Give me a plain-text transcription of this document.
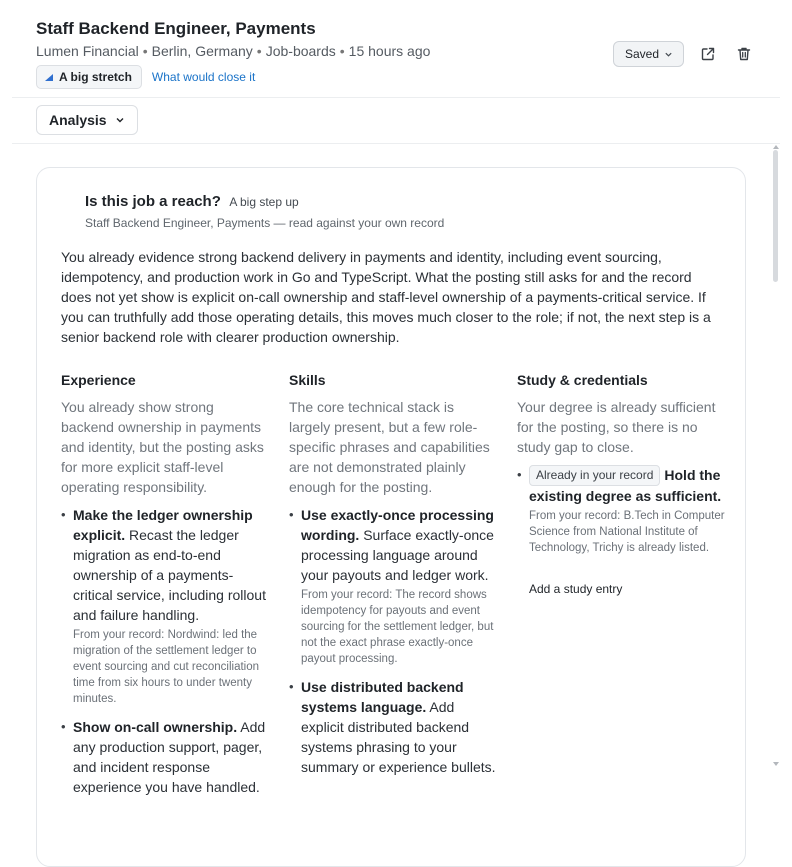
Staff Backend Engineer, Payments
Lumen Financial • Berlin, Germany • Job-boards • 15 hours ago
A big stretch What would close it
Saved
Analysis
Is this job a reach? A big step up
Staff Backend Engineer, Payments — read against your own record

You already evidence strong backend delivery in payments and identity, including event sourcing, idempotency, and production work in Go and TypeScript. What the posting still asks for and the record does not yet show is explicit on-call ownership and staff-level ownership of a payments-critical service. If you can truthfully add those operating details, this moves much closer to the role; if not, the next step is a senior backend role with clearer production ownership.

Experience
You already show strong backend ownership in payments and identity, but the posting asks for more explicit staff-level operating responsibility.
• Make the ledger ownership explicit. Recast the ledger migration as end-to-end ownership of a payments-critical service, including rollout and failure handling.
From your record: Nordwind: led the migration of the settlement ledger to event sourcing and cut reconciliation time from six hours to under twenty minutes.
• Show on-call ownership. Add any production support, pager, and incident response experience you have handled.
Skills
The core technical stack is largely present, but a few role-specific phrases and capabilities are not demonstrated plainly enough for the posting.
• Use exactly-once processing wording. Surface exactly-once processing language around your payouts and ledger work.
From your record: The record shows idempotency for payouts and event sourcing for the settlement ledger, but not the exact phrase exactly-once payout processing.
• Use distributed backend systems language. Add explicit distributed backend systems phrasing to your summary or experience bullets.
Study & credentials
Your degree is already sufficient for the posting, so there is no study gap to close.
• Already in your record Hold the existing degree as sufficient.
From your record: B.Tech in Computer Science from National Institute of Technology, Trichy is already listed.
Add a study entry
